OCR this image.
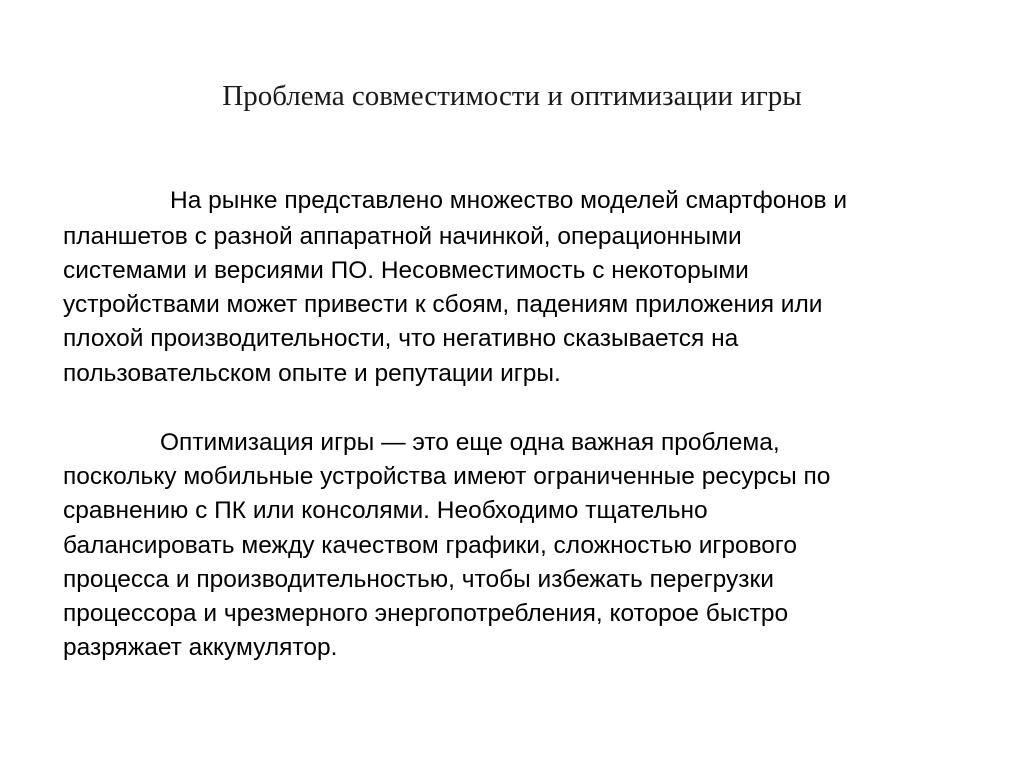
Проблема совместимости и оптимизации игры

На рынке представлено множество моделей смартфонов и

планшетов с разной аппаратной начинкой, операционными

системами и версиями ПО. Несовместимость с некоторыми

устройствами может привести к сбоям, падениям приложения или

плохой производительности, что негативно сказывается на

пользовательском опыте и репутации игры.

Оптимизация игры — это еще одна важная проблема,

поскольку мобильные устройства имеют ограниченные ресурсы по

сравнению с ПК или консолями. Необходимо тщательно

балансировать между качеством графики, сложностью игрового

процесса и производительностью, чтобы избежать перегрузки

процессора и чрезмерного энергопотребления, которое быстро

разряжает аккумулятор.
